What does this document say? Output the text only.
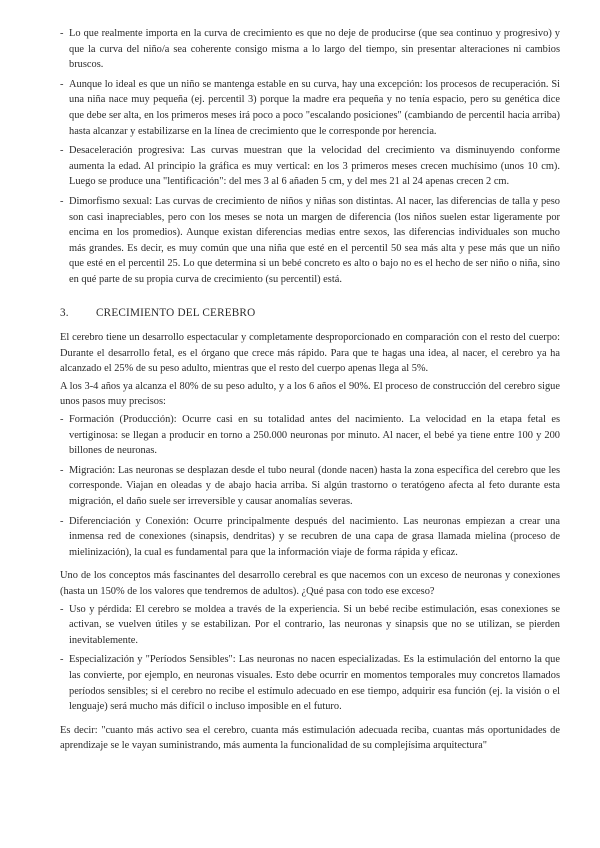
- Lo que realmente importa en la curva de crecimiento es que no deje de producirse (que sea continuo y progresivo) y que la curva del niño/a sea coherente consigo misma a lo largo del tiempo, sin presentar alteraciones ni cambios bruscos.
- Aunque lo ideal es que un niño se mantenga estable en su curva, hay una excepción: los procesos de recuperación. Si una niña nace muy pequeña (ej. percentil 3) porque la madre era pequeña y no tenía espacio, pero su genética dice que debe ser alta, en los primeros meses irá poco a poco "escalando posiciones" (cambiando de percentil hacia arriba) hasta alcanzar y estabilizarse en la línea de crecimiento que le corresponde por herencia.
- Desaceleración progresiva: Las curvas muestran que la velocidad del crecimiento va disminuyendo conforme aumenta la edad. Al principio la gráfica es muy vertical: en los 3 primeros meses crecen muchísimo (unos 10 cm). Luego se produce una "lentificación": del mes 3 al 6 añaden 5 cm, y del mes 21 al 24 apenas crecen 2 cm.
- Dimorfismo sexual: Las curvas de crecimiento de niños y niñas son distintas. Al nacer, las diferencias de talla y peso son casi inapreciables, pero con los meses se nota un margen de diferencia (los niños suelen estar ligeramente por encima en los promedios). Aunque existan diferencias medias entre sexos, las diferencias individuales son mucho más grandes. Es decir, es muy común que una niña que esté en el percentil 50 sea más alta y pese más que un niño que esté en el percentil 25. Lo que determina si un bebé concreto es alto o bajo no es el hecho de ser niño o niña, sino en qué parte de su propia curva de crecimiento (su percentil) está.
3.	CRECIMIENTO DEL CEREBRO

El cerebro tiene un desarrollo espectacular y completamente desproporcionado en comparación con el resto del cuerpo: Durante el desarrollo fetal, es el órgano que crece más rápido. Para que te hagas una idea, al nacer, el cerebro ya ha alcanzado el 25% de su peso adulto, mientras que el resto del cuerpo apenas llega al 5%.

A los 3-4 años ya alcanza el 80% de su peso adulto, y a los 6 años el 90%. El proceso de construcción del cerebro sigue unos pasos muy precisos:

- Formación (Producción): Ocurre casi en su totalidad antes del nacimiento. La velocidad en la etapa fetal es vertiginosa: se llegan a producir en torno a 250.000 neuronas por minuto. Al nacer, el bebé ya tiene entre 100 y 200 billones de neuronas.
- Migración: Las neuronas se desplazan desde el tubo neural (donde nacen) hasta la zona específica del cerebro que les corresponde. Viajan en oleadas y de abajo hacia arriba. Si algún trastorno o teratógeno afecta al feto durante esta migración, el daño suele ser irreversible y causar anomalías severas.
- Diferenciación y Conexión: Ocurre principalmente después del nacimiento. Las neuronas empiezan a crear una inmensa red de conexiones (sinapsis, dendritas) y se recubren de una capa de grasa llamada mielina (proceso de mielinización), la cual es fundamental para que la información viaje de forma rápida y eficaz.

Uno de los conceptos más fascinantes del desarrollo cerebral es que nacemos con un exceso de neuronas y conexiones (hasta un 150% de los valores que tendremos de adultos). ¿Qué pasa con todo ese exceso?

- Uso y pérdida: El cerebro se moldea a través de la experiencia. Si un bebé recibe estimulación, esas conexiones se activan, se vuelven útiles y se estabilizan. Por el contrario, las neuronas y sinapsis que no se utilizan, se pierden inevitablemente.
- Especialización y "Períodos Sensibles": Las neuronas no nacen especializadas. Es la estimulación del entorno la que las convierte, por ejemplo, en neuronas visuales. Esto debe ocurrir en momentos temporales muy concretos llamados períodos sensibles; si el cerebro no recibe el estímulo adecuado en ese tiempo, adquirir esa función (ej. la visión o el lenguaje) será mucho más difícil o incluso imposible en el futuro.

Es decir: "cuanto más activo sea el cerebro, cuanta más estimulación adecuada reciba, cuantas más oportunidades de aprendizaje se le vayan suministrando, más aumenta la funcionalidad de su complejísima arquitectura"
